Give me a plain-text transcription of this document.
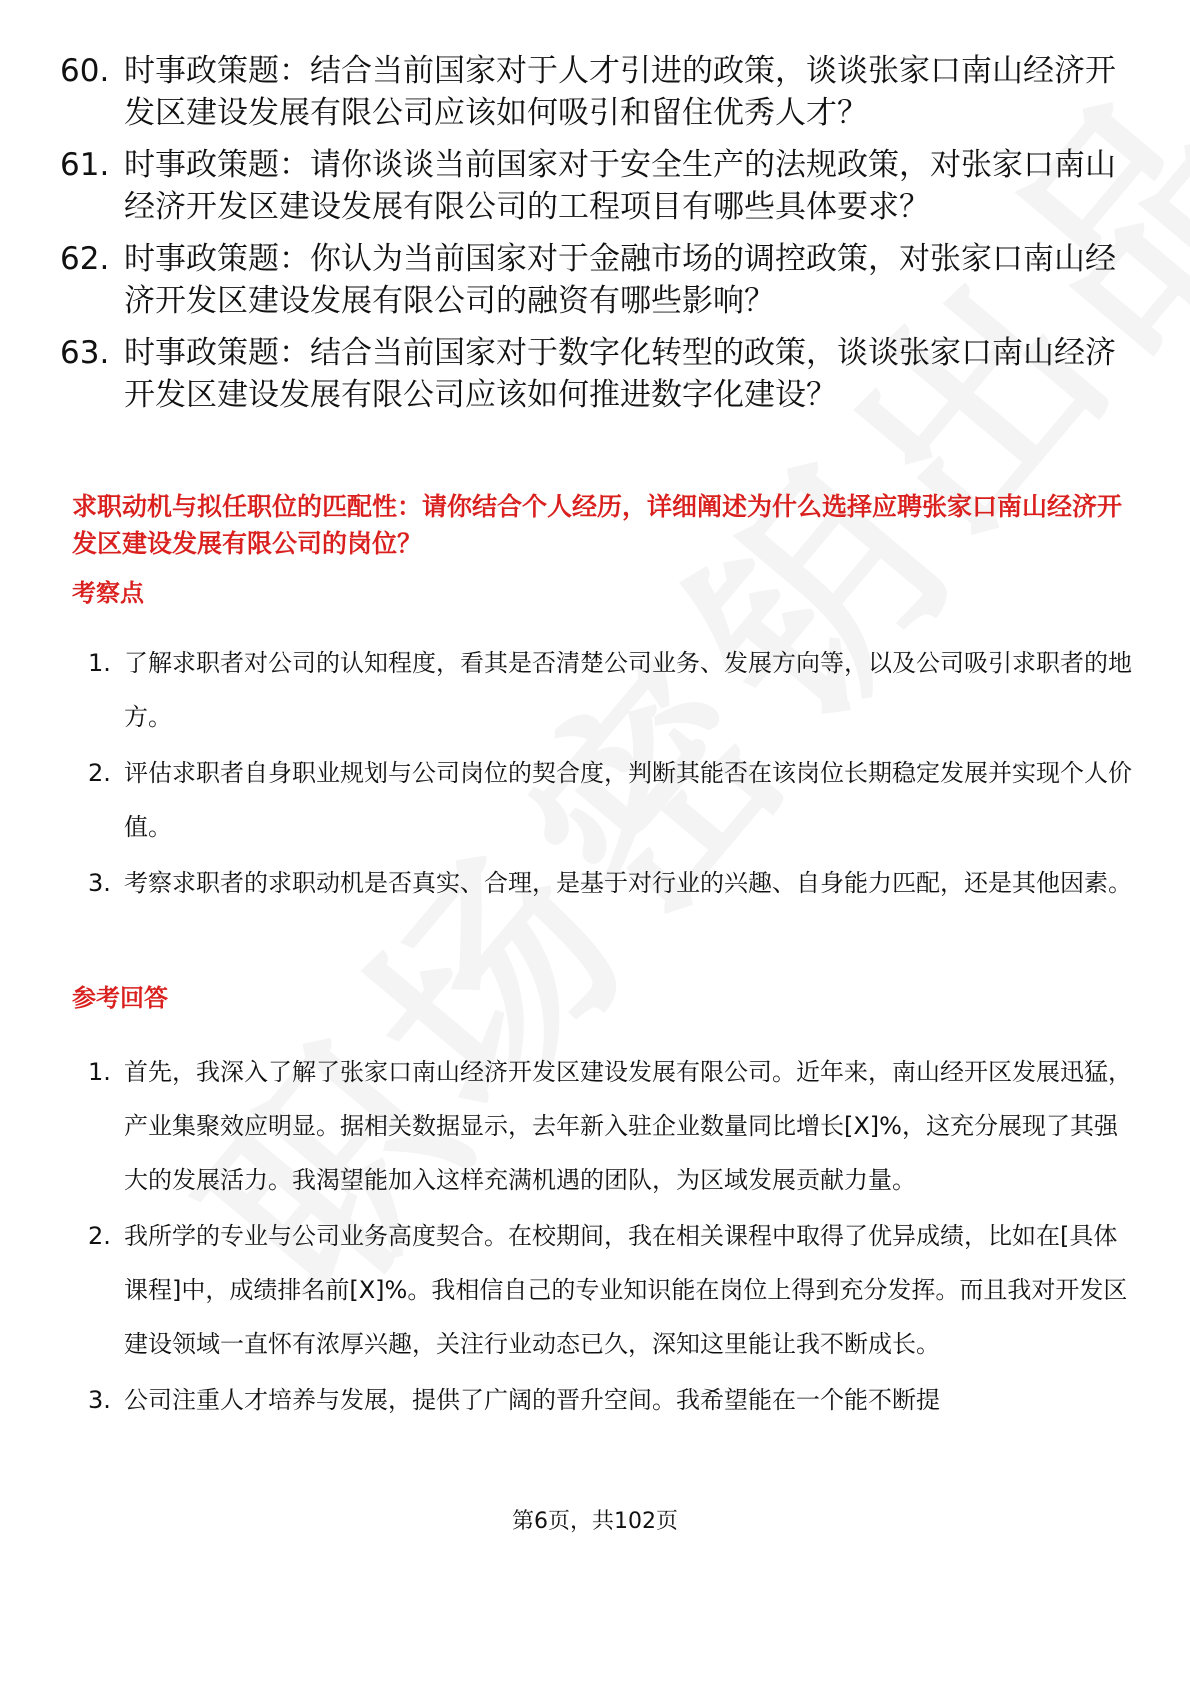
60. 时事政策题：结合当前国家对于人才引进的政策，谈谈张家口南山经济开发区建设发展有限公司应该如何吸引和留住优秀人才？
61. 时事政策题：请你谈谈当前国家对于安全生产的法规政策，对张家口南山经济开发区建设发展有限公司的工程项目有哪些具体要求？
62. 时事政策题：你认为当前国家对于金融市场的调控政策，对张家口南山经济开发区建设发展有限公司的融资有哪些影响？
63. 时事政策题：结合当前国家对于数字化转型的政策，谈谈张家口南山经济开发区建设发展有限公司应该如何推进数字化建设？
求职动机与拟任职位的匹配性：请你结合个人经历，详细阐述为什么选择应聘张家口南山经济开发区建设发展有限公司的岗位？
考察点
1. 了解求职者对公司的认知程度，看其是否清楚公司业务、发展方向等，以及公司吸引求职者的地方。
2. 评估求职者自身职业规划与公司岗位的契合度，判断其能否在该岗位长期稳定发展并实现个人价值。
3. 考察求职者的求职动机是否真实、合理，是基于对行业的兴趣、自身能力匹配，还是其他因素。
参考回答
1. 首先，我深入了解了张家口南山经济开发区建设发展有限公司。近年来，南山经开区发展迅猛，产业集聚效应明显。据相关数据显示，去年新入驻企业数量同比增长[X]%，这充分展现了其强大的发展活力。我渴望能加入这样充满机遇的团队，为区域发展贡献力量。
2. 我所学的专业与公司业务高度契合。在校期间，我在相关课程中取得了优异成绩，比如在[具体课程]中，成绩排名前[X]%。我相信自己的专业知识能在岗位上得到充分发挥。而且我对开发区建设领域一直怀有浓厚兴趣，关注行业动态已久，深知这里能让我不断成长。
3. 公司注重人才培养与发展，提供了广阔的晋升空间。我希望能在一个能不断提
第6页，共102页
